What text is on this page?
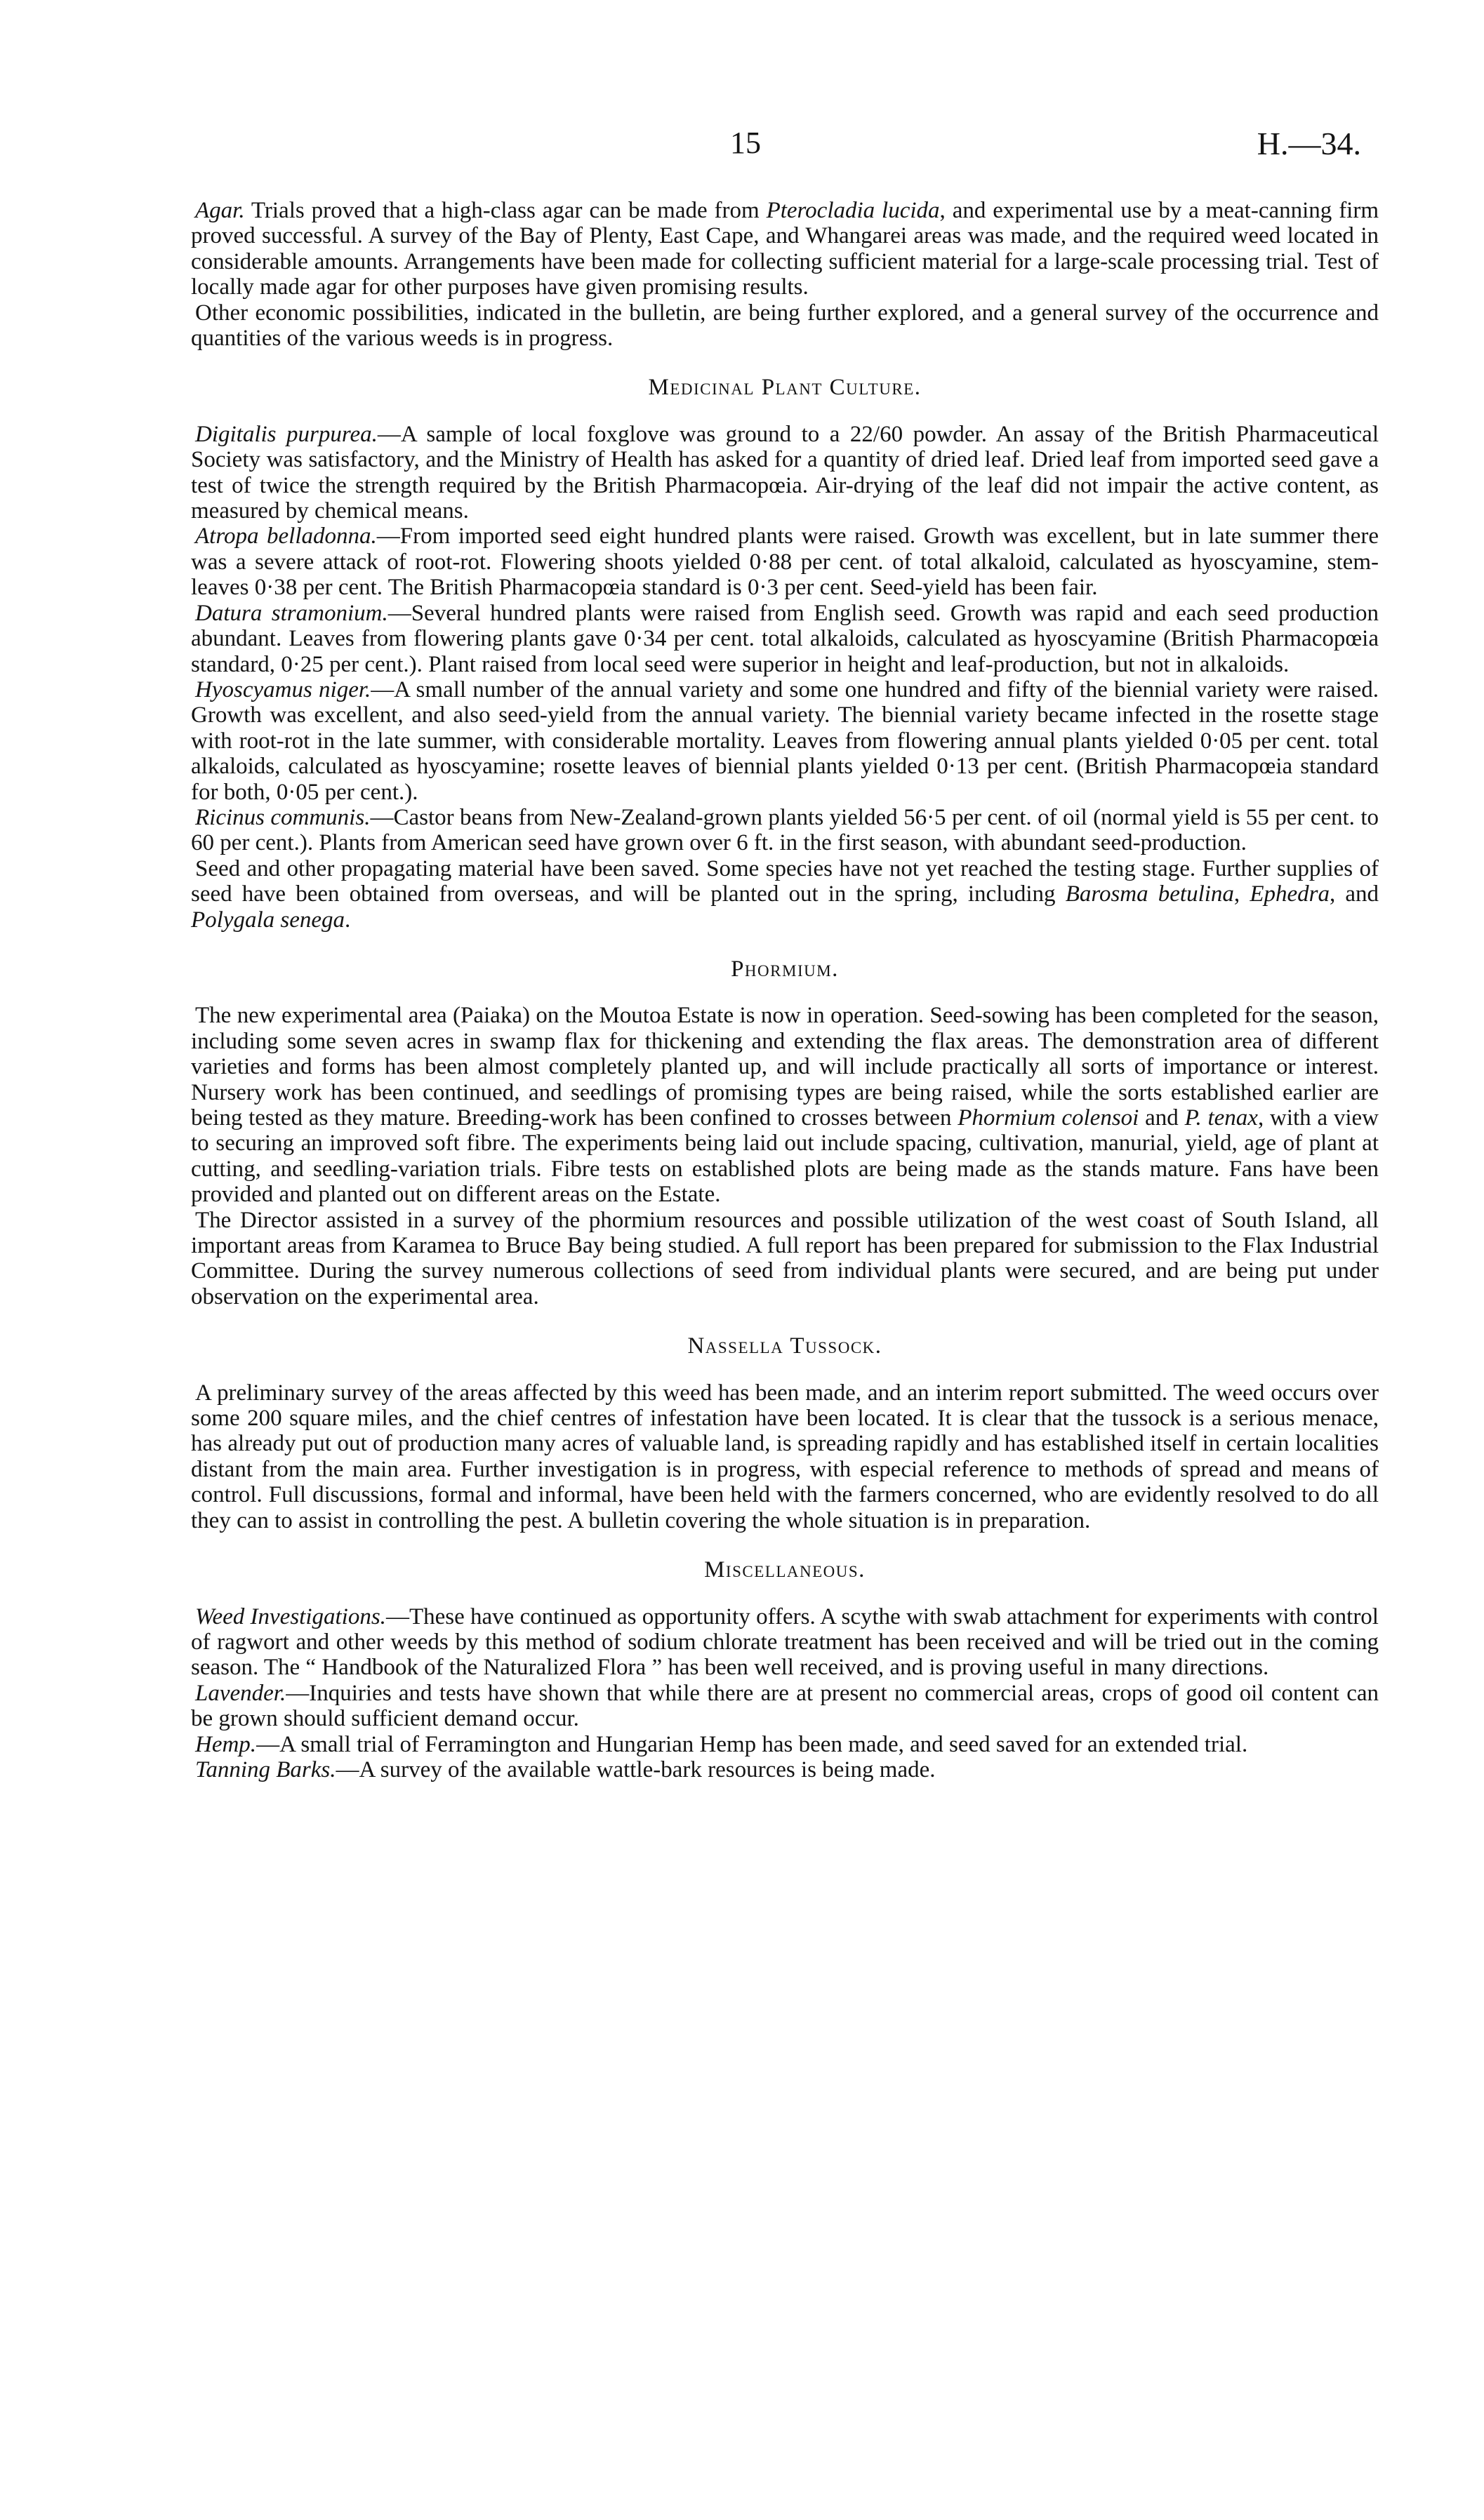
15	H.—34.

Agar. Trials proved that a high-class agar can be made from Pterocladia lucida, and experimental use by a meat-canning firm proved successful. A survey of the Bay of Plenty, East Cape, and Whangarei areas was made, and the required weed located in considerable amounts. Arrangements have been made for collecting sufficient material for a large-scale processing trial. Test of locally made agar for other purposes have given promising results.

Other economic possibilities, indicated in the bulletin, are being further explored, and a general survey of the occurrence and quantities of the various weeds is in progress.

Medicinal Plant Culture.

Digitalis purpurea.—A sample of local foxglove was ground to a 22/60 powder. An assay of the British Pharmaceutical Society was satisfactory, and the Ministry of Health has asked for a quantity of dried leaf. Dried leaf from imported seed gave a test of twice the strength required by the British Pharmacopœia. Air-drying of the leaf did not impair the active content, as measured by chemical means.

Atropa belladonna.—From imported seed eight hundred plants were raised. Growth was excellent, but in late summer there was a severe attack of root-rot. Flowering shoots yielded 0·88 per cent. of total alkaloid, calculated as hyoscyamine, stem-leaves 0·38 per cent. The British Pharmacopœia standard is 0·3 per cent. Seed-yield has been fair.

Datura stramonium.—Several hundred plants were raised from English seed. Growth was rapid and each seed production abundant. Leaves from flowering plants gave 0·34 per cent. total alkaloids, calculated as hyoscyamine (British Pharmacopœia standard, 0·25 per cent.). Plant raised from local seed were superior in height and leaf-production, but not in alkaloids.

Hyoscyamus niger.—A small number of the annual variety and some one hundred and fifty of the biennial variety were raised. Growth was excellent, and also seed-yield from the annual variety. The biennial variety became infected in the rosette stage with root-rot in the late summer, with considerable mortality. Leaves from flowering annual plants yielded 0·05 per cent. total alkaloids, calculated as hyoscyamine; rosette leaves of biennial plants yielded 0·13 per cent. (British Pharmacopœia standard for both, 0·05 per cent.).

Ricinus communis.—Castor beans from New-Zealand-grown plants yielded 56·5 per cent. of oil (normal yield is 55 per cent. to 60 per cent.). Plants from American seed have grown over 6 ft. in the first season, with abundant seed-production.

Seed and other propagating material have been saved. Some species have not yet reached the testing stage. Further supplies of seed have been obtained from overseas, and will be planted out in the spring, including Barosma betulina, Ephedra, and Polygala senega.

Phormium.

The new experimental area (Paiaka) on the Moutoa Estate is now in operation. Seed-sowing has been completed for the season, including some seven acres in swamp flax for thickening and extending the flax areas. The demonstration area of different varieties and forms has been almost completely planted up, and will include practically all sorts of importance or interest. Nursery work has been continued, and seedlings of promising types are being raised, while the sorts established earlier are being tested as they mature. Breeding-work has been confined to crosses between Phormium colensoi and P. tenax, with a view to securing an improved soft fibre. The experiments being laid out include spacing, cultivation, manurial, yield, age of plant at cutting, and seedling-variation trials. Fibre tests on established plots are being made as the stands mature. Fans have been provided and planted out on different areas on the Estate.

The Director assisted in a survey of the phormium resources and possible utilization of the west coast of South Island, all important areas from Karamea to Bruce Bay being studied. A full report has been prepared for submission to the Flax Industrial Committee. During the survey numerous collections of seed from individual plants were secured, and are being put under observation on the experimental area.

Nassella Tussock.

A preliminary survey of the areas affected by this weed has been made, and an interim report submitted. The weed occurs over some 200 square miles, and the chief centres of infestation have been located. It is clear that the tussock is a serious menace, has already put out of production many acres of valuable land, is spreading rapidly and has established itself in certain localities distant from the main area. Further investigation is in progress, with especial reference to methods of spread and means of control. Full discussions, formal and informal, have been held with the farmers concerned, who are evidently resolved to do all they can to assist in controlling the pest. A bulletin covering the whole situation is in preparation.

Miscellaneous.

Weed Investigations.—These have continued as opportunity offers. A scythe with swab attachment for experiments with control of ragwort and other weeds by this method of sodium chlorate treatment has been received and will be tried out in the coming season. The “ Handbook of the Naturalized Flora ” has been well received, and is proving useful in many directions.

Lavender.—Inquiries and tests have shown that while there are at present no commercial areas, crops of good oil content can be grown should sufficient demand occur.

Hemp.—A small trial of Ferramington and Hungarian Hemp has been made, and seed saved for an extended trial.

Tanning Barks.—A survey of the available wattle-bark resources is being made.
